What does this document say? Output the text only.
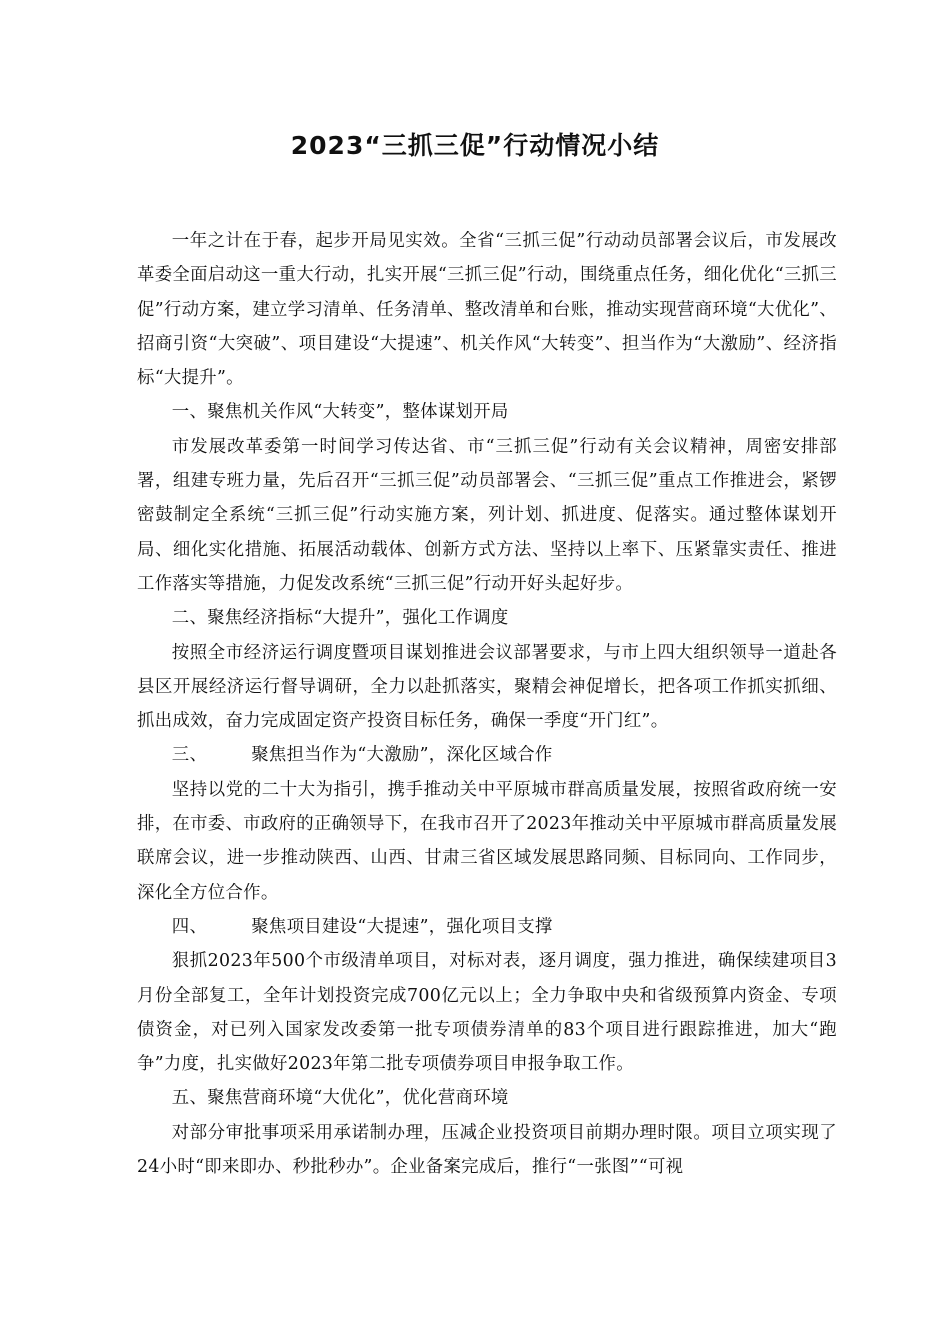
2023“三抓三促”行动情况小结

一年之计在于春，起步开局见实效。全省“三抓三促”行动动员部署会议后，市发展改革委全面启动这一重大行动，扎实开展“三抓三促”行动，围绕重点任务，细化优化“三抓三促”行动方案，建立学习清单、任务清单、整改清单和台账，推动实现营商环境“大优化”、招商引资“大突破”、项目建设“大提速”、机关作风“大转变”、担当作为“大激励”、经济指标“大提升”。

一、聚焦机关作风“大转变”，整体谋划开局

市发展改革委第一时间学习传达省、市“三抓三促”行动有关会议精神，周密安排部署，组建专班力量，先后召开“三抓三促”动员部署会、“三抓三促”重点工作推进会，紧锣密鼓制定全系统“三抓三促”行动实施方案，列计划、抓进度、促落实。通过整体谋划开局、细化实化措施、拓展活动载体、创新方式方法、坚持以上率下、压紧靠实责任、推进工作落实等措施，力促发改系统“三抓三促”行动开好头起好步。

二、聚焦经济指标“大提升”，强化工作调度

按照全市经济运行调度暨项目谋划推进会议部署要求，与市上四大组织领导一道赴各县区开展经济运行督导调研，全力以赴抓落实，聚精会神促增长，把各项工作抓实抓细、抓出成效，奋力完成固定资产投资目标任务，确保一季度“开门红”。

三、	聚焦担当作为“大激励”，深化区域合作

坚持以党的二十大为指引，携手推动关中平原城市群高质量发展，按照省政府统一安排，在市委、市政府的正确领导下，在我市召开了2023年推动关中平原城市群高质量发展联席会议，进一步推动陕西、山西、甘肃三省区域发展思路同频、目标同向、工作同步，深化全方位合作。

四、	聚焦项目建设“大提速”，强化项目支撑

狠抓2023年500个市级清单项目，对标对表，逐月调度，强力推进，确保续建项目3月份全部复工，全年计划投资完成700亿元以上；全力争取中央和省级预算内资金、专项债资金，对已列入国家发改委第一批专项债券清单的83个项目进行跟踪推进，加大“跑争”力度，扎实做好2023年第二批专项债券项目申报争取工作。

五、聚焦营商环境“大优化”，优化营商环境

对部分审批事项采用承诺制办理，压减企业投资项目前期办理时限。项目立项实现了24小时“即来即办、秒批秒办”。企业备案完成后，推行“一张图”“可视
